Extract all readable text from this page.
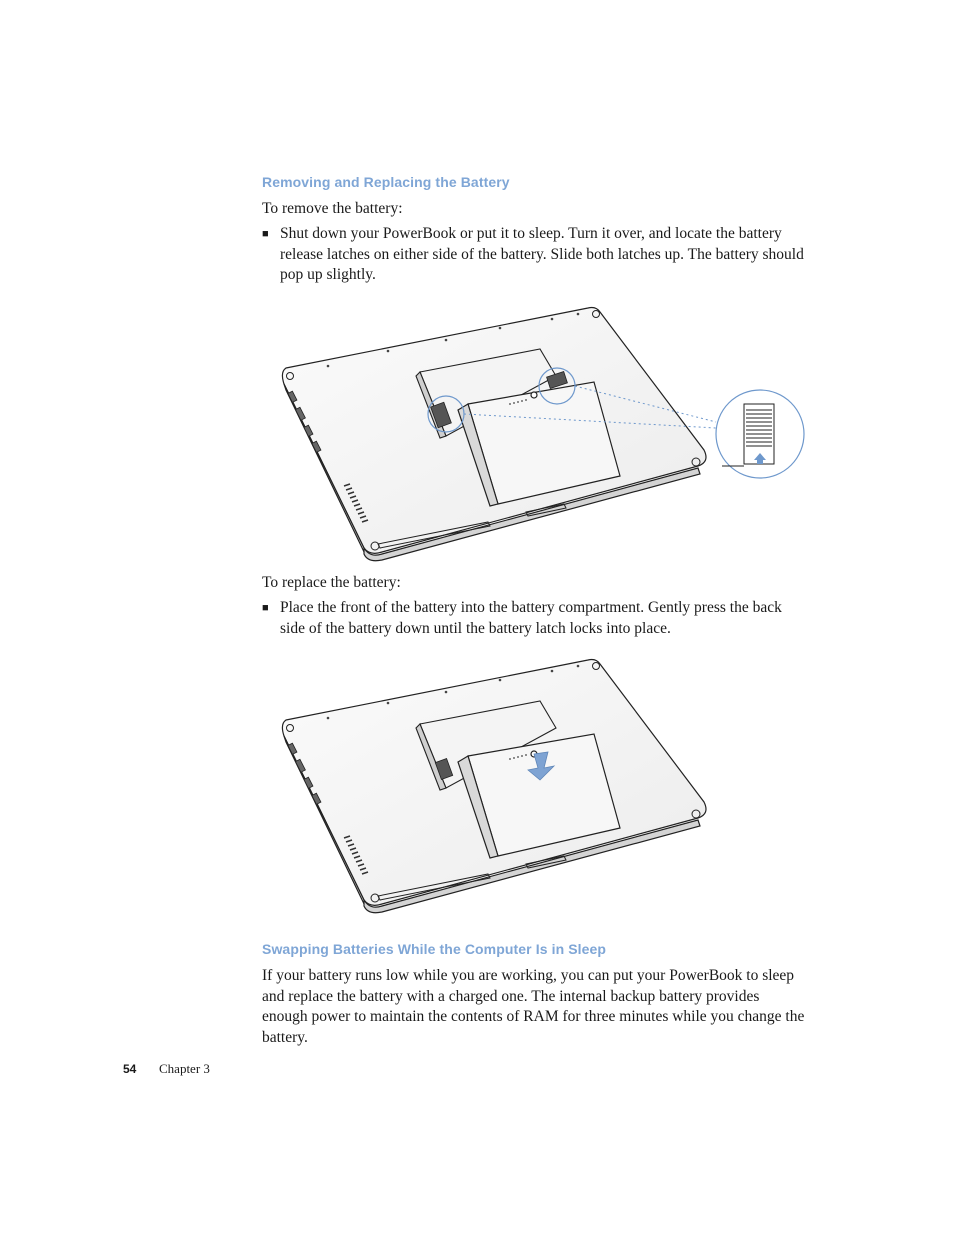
Removing and Replacing the Battery

To remove the battery:

■ Shut down your PowerBook or put it to sleep. Turn it over, and locate the battery release latches on either side of the battery. Slide both latches up. The battery should pop up slightly.

To replace the battery:

■ Place the front of the battery into the battery compartment. Gently press the back side of the battery down until the battery latch locks into place.
Swapping Batteries While the Computer Is in Sleep

If your battery runs low while you are working, you can put your PowerBook to sleep and replace the battery with a charged one. The internal backup battery provides enough power to maintain the contents of RAM for three minutes while you change the battery.

54 Chapter 3
